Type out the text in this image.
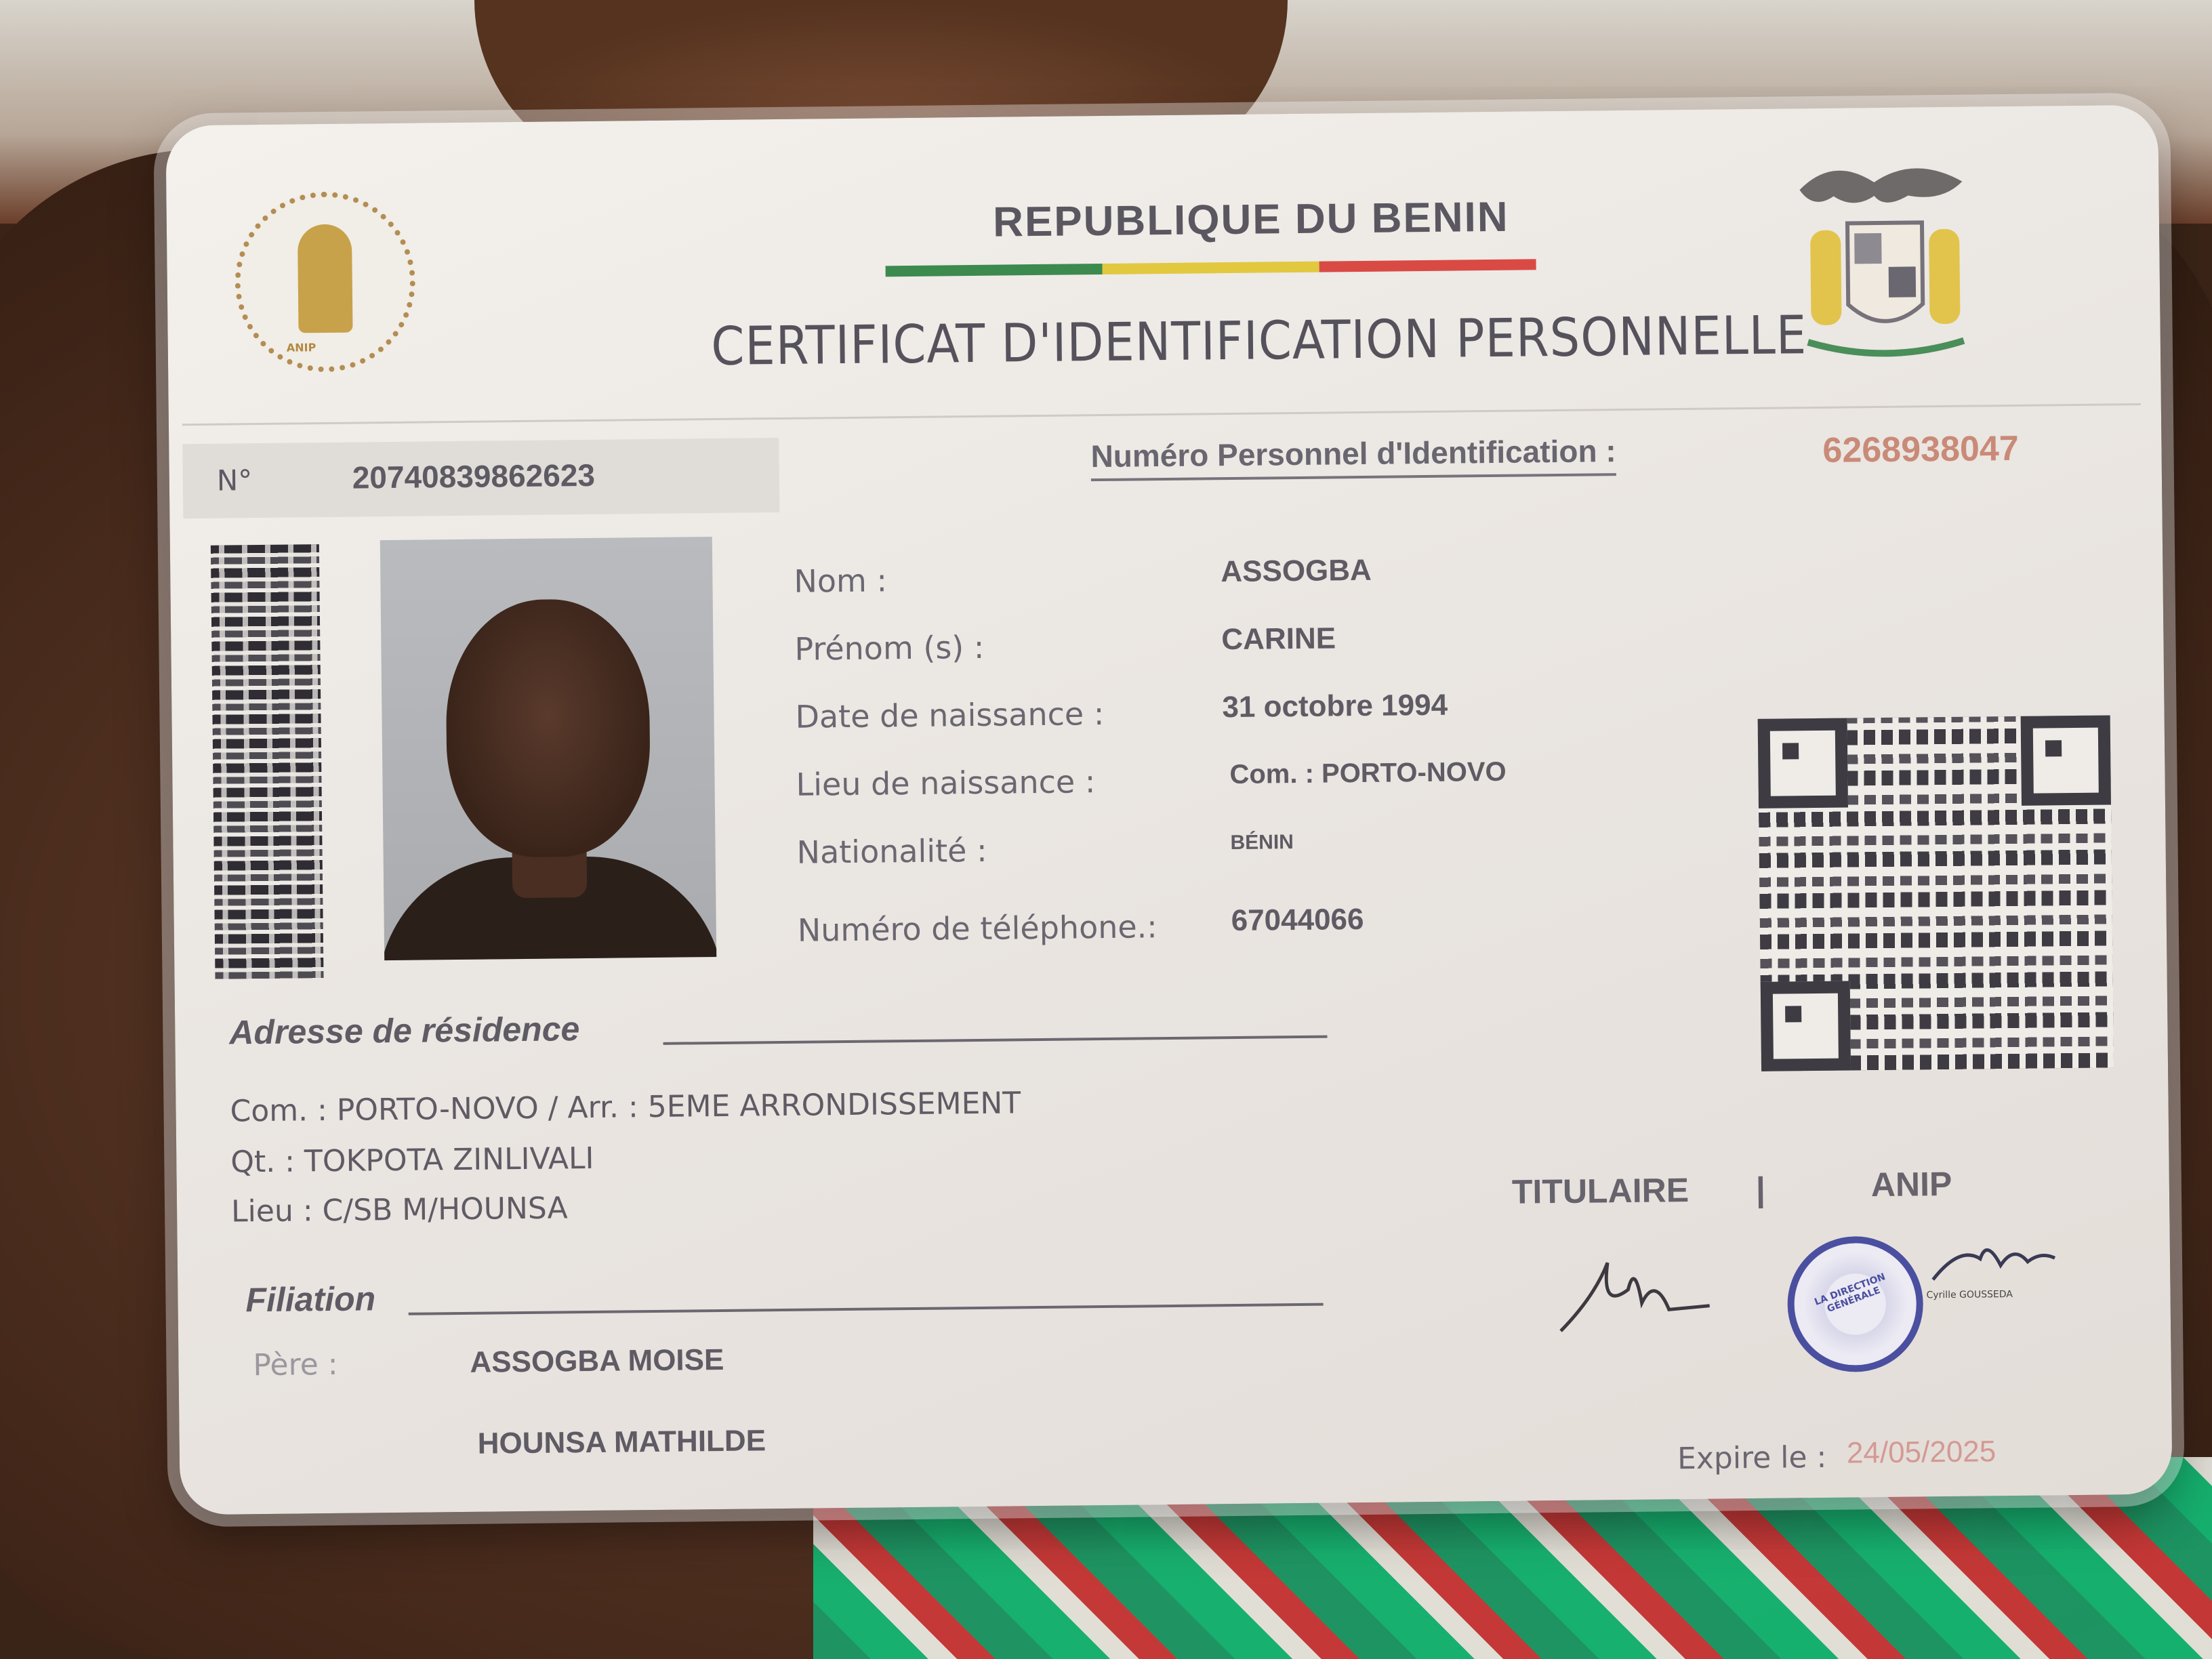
ANIP
REPUBLIQUE DU BENIN
CERTIFICAT D'IDENTIFICATION PERSONNELLE
N°	20740839862623
Numéro Personnel d'Identification :	6268938047
Nom :	ASSOGBA
Prénom (s) :	CARINE
Date de naissance :	31 octobre 1994
Lieu de naissance :	Com. : PORTO-NOVO
Nationalité :	BÉNIN
Numéro de téléphone.: 67044066
Adresse de résidence
Com. : PORTO-NOVO / Arr. : 5EME ARRONDISSEMENT
Qt. : TOKPOTA ZINLIVALI
Lieu : C/SB M/HOUNSA	TITULAIRE |	ANIP
LA DIRECTION GÉNÉRALE	Cyrille GOUSSEDA
Filiation
Père :	ASSOGBA MOISE
HOUNSA MATHILDE	Expire le : 24/05/2025
